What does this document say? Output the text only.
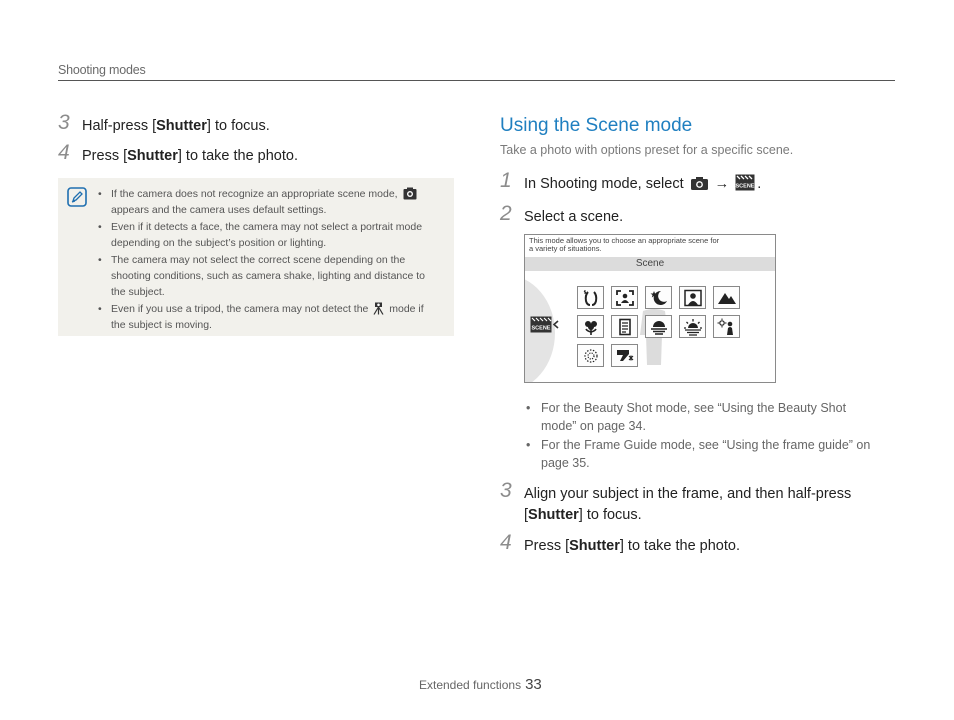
Shooting modes
3 Half-press [Shutter] to focus.
4 Press [Shutter] to take the photo.
• If the camera does not recognize an appropriate scene mode,
appears and the camera uses default settings.
• Even if it detects a face, the camera may not select a portrait mode
depending on the subject’s position or lighting.
• The camera may not select the correct scene depending on the
shooting conditions, such as camera shake, lighting and distance to
the subject.
• Even if you use a tripod, the camera may not detect the mode if
the subject is moving.
Using the Scene mode
Take a photo with options preset for a specific scene.
1 In Shooting mode, select → SCENE .
2 Select a scene.
This mode allows you to choose an appropriate scene for
a variety of situations.
Scene
SCENE
• For the Beauty Shot mode, see “Using the Beauty Shot
mode” on page 34.
• For the Frame Guide mode, see “Using the frame guide” on
page 35.
3 Align your subject in the frame, and then half-press
[Shutter] to focus.
4 Press [Shutter] to take the photo.
Extended functions 33
